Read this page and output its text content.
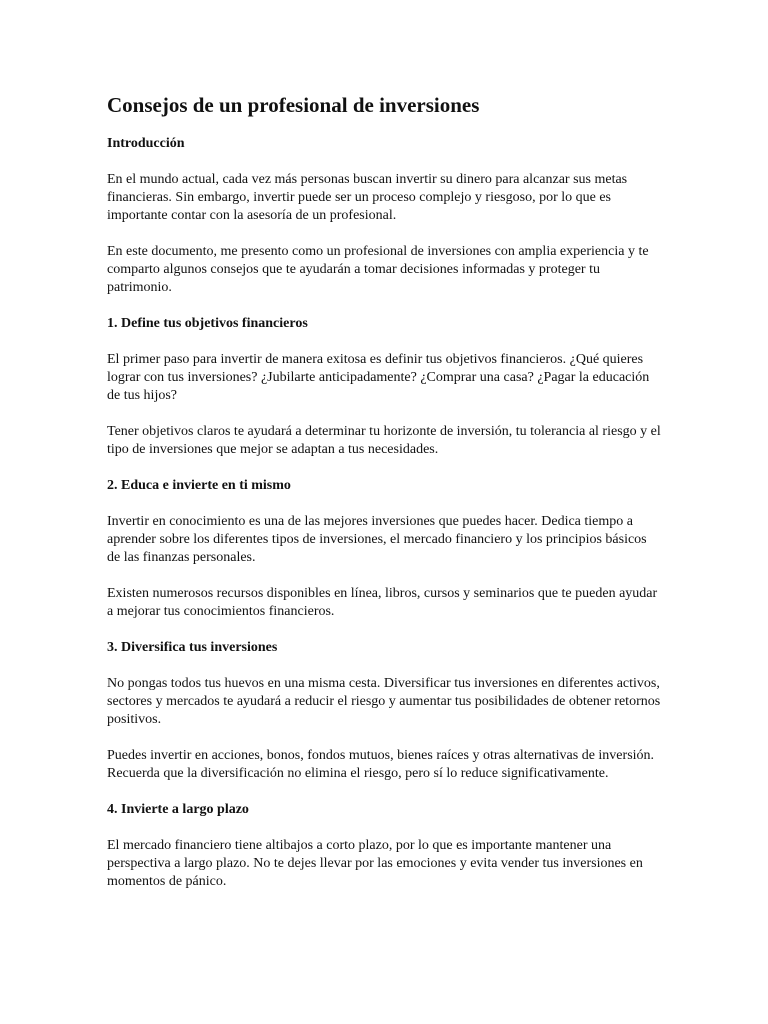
Consejos de un profesional de inversiones
Introducción

En el mundo actual, cada vez más personas buscan invertir su dinero para alcanzar sus metas financieras. Sin embargo, invertir puede ser un proceso complejo y riesgoso, por lo que es importante contar con la asesoría de un profesional.

En este documento, me presento como un profesional de inversiones con amplia experiencia y te comparto algunos consejos que te ayudarán a tomar decisiones informadas y proteger tu patrimonio.

1. Define tus objetivos financieros

El primer paso para invertir de manera exitosa es definir tus objetivos financieros. ¿Qué quieres lograr con tus inversiones? ¿Jubilarte anticipadamente? ¿Comprar una casa? ¿Pagar la educación de tus hijos?

Tener objetivos claros te ayudará a determinar tu horizonte de inversión, tu tolerancia al riesgo y el tipo de inversiones que mejor se adaptan a tus necesidades.

2. Educa e invierte en ti mismo

Invertir en conocimiento es una de las mejores inversiones que puedes hacer. Dedica tiempo a aprender sobre los diferentes tipos de inversiones, el mercado financiero y los principios básicos de las finanzas personales.

Existen numerosos recursos disponibles en línea, libros, cursos y seminarios que te pueden ayudar a mejorar tus conocimientos financieros.

3. Diversifica tus inversiones

No pongas todos tus huevos en una misma cesta. Diversificar tus inversiones en diferentes activos, sectores y mercados te ayudará a reducir el riesgo y aumentar tus posibilidades de obtener retornos positivos.

Puedes invertir en acciones, bonos, fondos mutuos, bienes raíces y otras alternativas de inversión. Recuerda que la diversificación no elimina el riesgo, pero sí lo reduce significativamente.

4. Invierte a largo plazo

El mercado financiero tiene altibajos a corto plazo, por lo que es importante mantener una perspectiva a largo plazo. No te dejes llevar por las emociones y evita vender tus inversiones en momentos de pánico.
